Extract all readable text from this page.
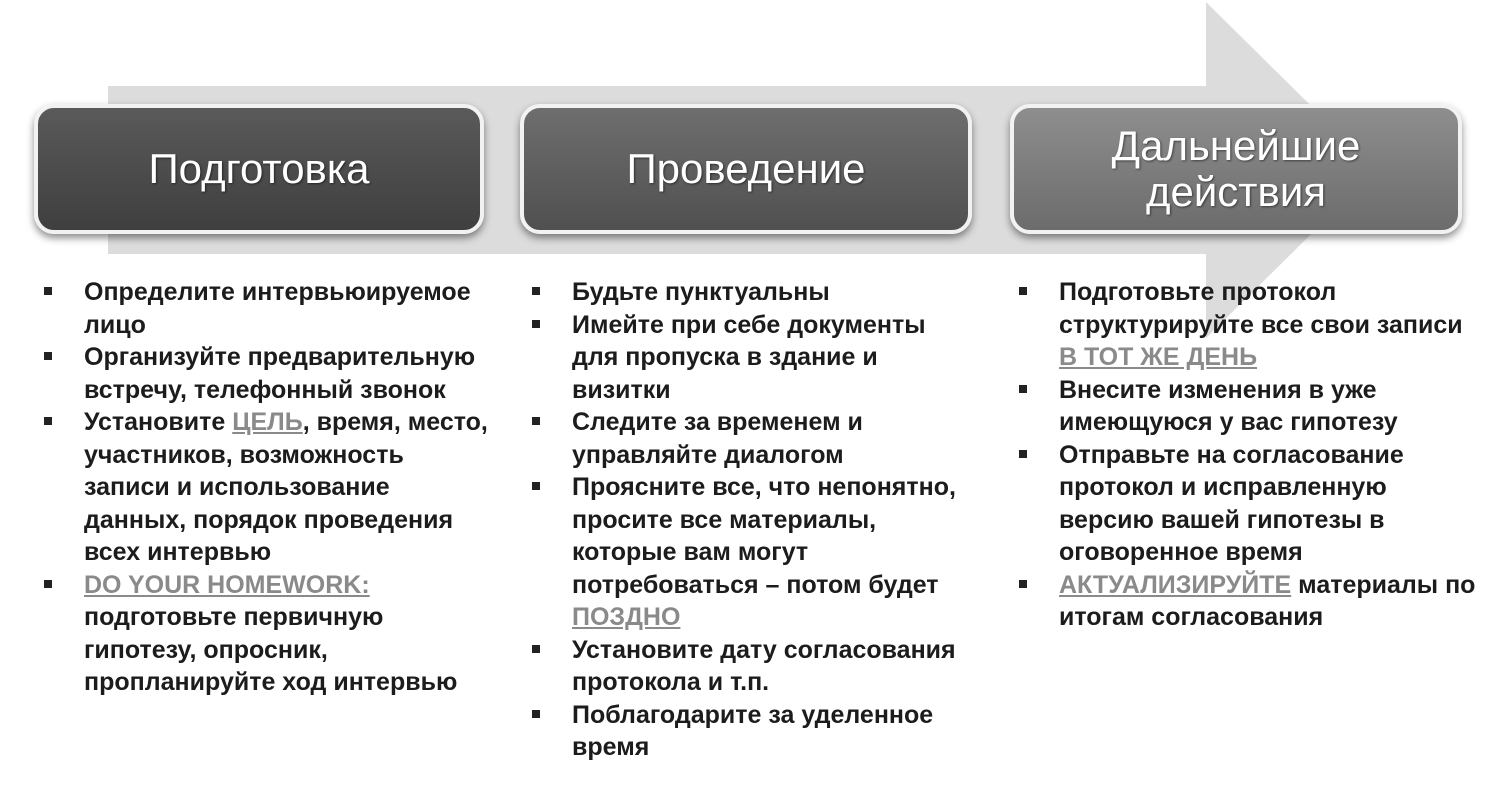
Подготовка	Проведение	Дальнейшие
действия
Определите интервьюируемое лицо
Организуйте предварительную встречу, телефонный звонок
Установите ЦЕЛЬ, время, место, участников, возможность записи и использование данных, порядок проведения всех интервью
DO YOUR HOMEWORK: подготовьте первичную гипотезу, опросник, пропланируйте ход интервью
Будьте пунктуальны
Имейте при себе документы для пропуска в здание и визитки
Следите за временем и управляйте диалогом
Проясните все, что непонятно, просите все материалы, которые вам могут потребоваться – потом будет ПОЗДНО
Установите дату согласования протокола и т.п.
Поблагодарите за уделенное время
Подготовьте протокол структурируйте все свои записи В ТОТ ЖЕ ДЕНЬ
Внесите изменения в уже имеющуюся у вас гипотезу
Отправьте на согласование протокол и исправленную версию вашей гипотезы в оговоренное время
АКТУАЛИЗИРУЙТЕ материалы по итогам согласования
